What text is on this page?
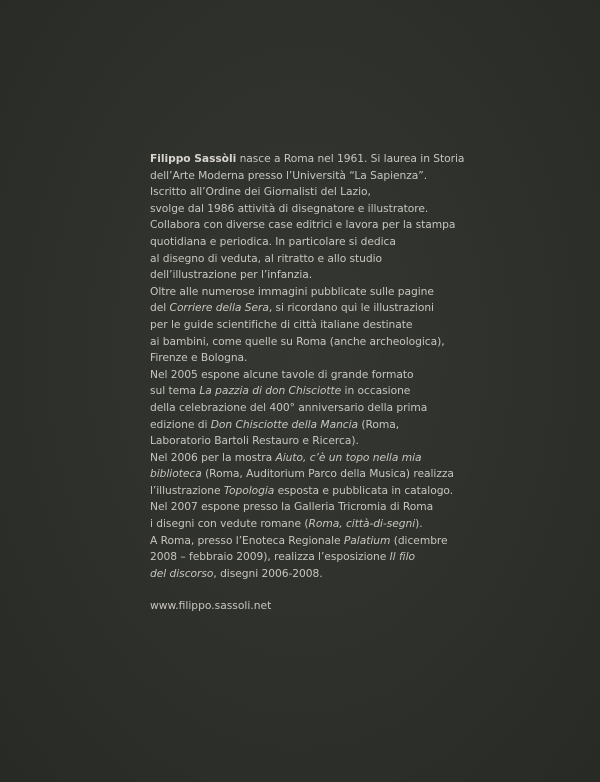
Filippo Sassòli nasce a Roma nel 1961. Si laurea in Storia

dell’Arte Moderna presso l’Università “La Sapienza”.

Iscritto all’Ordine dei Giornalisti del Lazio,

svolge dal 1986 attività di disegnatore e illustratore.

Collabora con diverse case editrici e lavora per la stampa

quotidiana e periodica. In particolare si dedica

al disegno di veduta, al ritratto e allo studio

dell’illustrazione per l’infanzia.

Oltre alle numerose immagini pubblicate sulle pagine

del Corriere della Sera, si ricordano qui le illustrazioni

per le guide scientifiche di città italiane destinate

ai bambini, come quelle su Roma (anche archeologica),

Firenze e Bologna.

Nel 2005 espone alcune tavole di grande formato

sul tema La pazzia di don Chisciotte in occasione

della celebrazione del 400° anniversario della prima

edizione di Don Chisciotte della Mancia (Roma,

Laboratorio Bartoli Restauro e Ricerca).

Nel 2006 per la mostra Aiuto, c’è un topo nella mia

biblioteca (Roma, Auditorium Parco della Musica) realizza

l’illustrazione Topologia esposta e pubblicata in catalogo.

Nel 2007 espone presso la Galleria Tricromia di Roma

i disegni con vedute romane (Roma, città-di-segni).

A Roma, presso l’Enoteca Regionale Palatium (dicembre

2008 – febbraio 2009), realizza l’esposizione Il filo

del discorso, disegni 2006-2008.

www.filippo.sassoli.net
